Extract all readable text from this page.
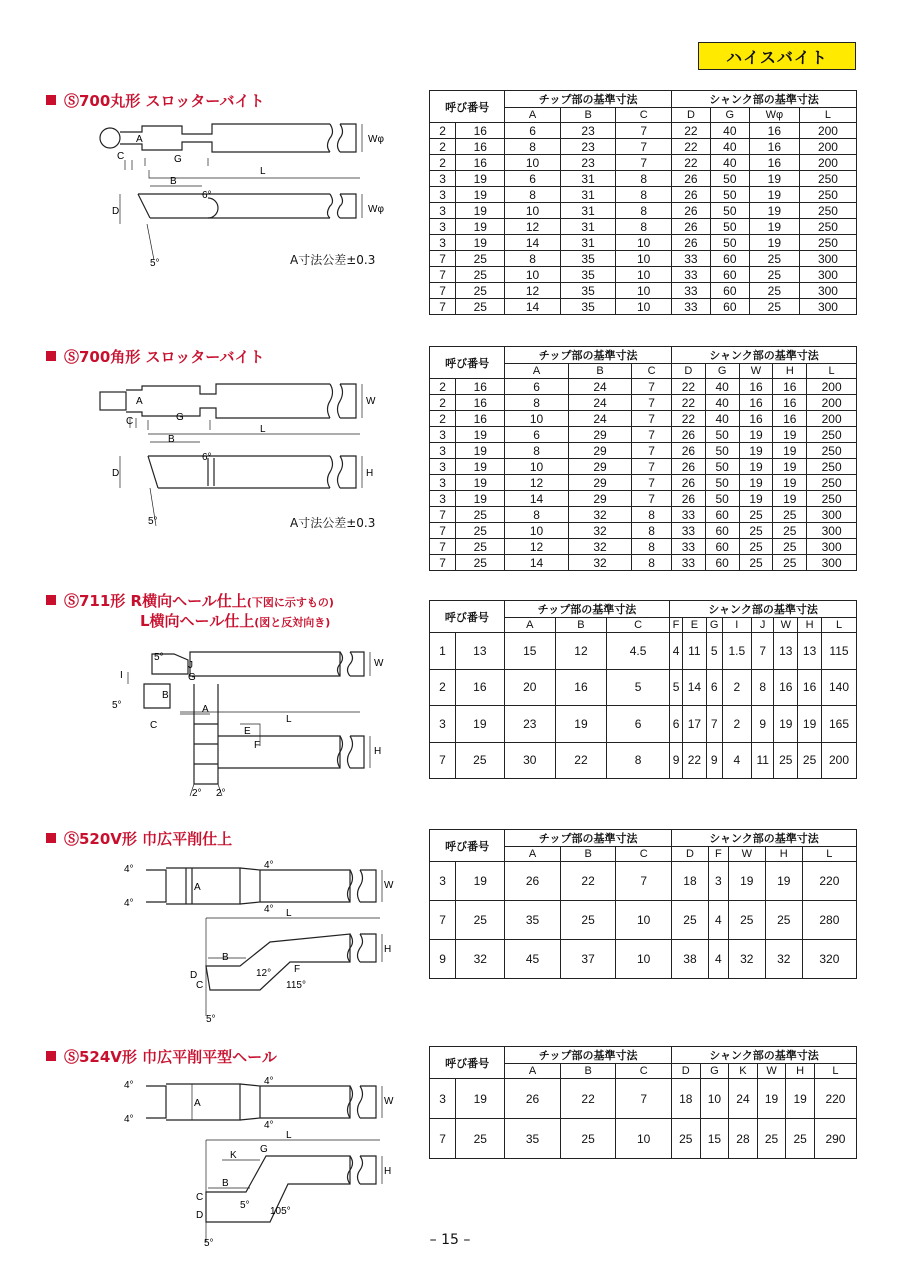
ハイスバイト
Ⓢ700丸形 スロッターバイト
Wφ
A
C	G
L
B
6°
D	Wφ
5°	A寸法公差±0.3
呼び番号		チップ部の基準寸法			シャンク部の基準寸法			
		A	B	C	D	G	Wφ	L
2	16	6	23	7	22	40	16	200
2	16	8	23	7	22	40	16	200
2	16	10	23	7	22	40	16	200
3	19	6	31	8	26	50	19	250
3	19	8	31	8	26	50	19	250
3	19	10	31	8	26	50	19	250
3	19	12	31	8	26	50	19	250
3	19	14	31	10	26	50	19	250
7	25	8	35	10	33	60	25	300
7	25	10	35	10	33	60	25	300
7	25	12	35	10	33	60	25	300
7	25	14	35	10	33	60	25	300
Ⓢ700角形 スロッターバイト
W
A
C	G
L
B
6°
D	H
5°	A寸法公差±0.3
呼び番号		チップ部の基準寸法			シャンク部の基準寸法				
		A	B	C	D	G	W	H	L
2	16	6	24	7	22	40	16	16	200
2	16	8	24	7	22	40	16	16	200
2	16	10	24	7	22	40	16	16	200
3	19	6	29	7	26	50	19	19	250
3	19	8	29	7	26	50	19	19	250
3	19	10	29	7	26	50	19	19	250
3	19	12	29	7	26	50	19	19	250
3	19	14	29	7	26	50	19	19	250
7	25	8	32	8	33	60	25	25	300
7	25	10	32	8	33	60	25	25	300
7	25	12	32	8	33	60	25	25	300
7	25	14	32	8	33	60	25	25	300
Ⓢ711形 R横向ヘール仕上(下図に示すもの)
L横向ヘール仕上(図と反対向き)
5°
J
I	G
B
5°
C
A
W
L
E
F
H
2° 2°
呼び番号		チップ部の基準寸法			シャンク部の基準寸法							
		A	B	C	F	E	G	I	J	W	H	L
1	13	15	12	4.5	4	11	5	1.5	7	13	13	115
2	16	20	16	5	5	14	6	2	8	16	16	140
3	19	23	19	6	6	17	7	2	9	19	19	165
7	25	30	22	8	9	22	9	4	11	25	25	200
Ⓢ520V形 巾広平削仕上
4°
4°
A
4°
4°
W
L
H
B
12° F
D
C	115°
5°
呼び番号		チップ部の基準寸法			シャンク部の基準寸法				
		A	B	C	D	F	W	H	L
3	19	26	22	7	18	3	19	19	220
7	25	35	25	10	25	4	25	25	280
9	32	45	37	10	38	4	32	32	320
Ⓢ524V形 巾広平削平型ヘール
4°
4°
A
4°
4°
W
L
G
K
H
B
C
5°
D	105°
5°
呼び番号		チップ部の基準寸法			シャンク部の基準寸法					
		A	B	C	D	G	K	W	H	L
3	19	26	22	7	18	10	24	19	19	220
7	25	35	25	10	25	15	28	25	25	290
– 15 –
